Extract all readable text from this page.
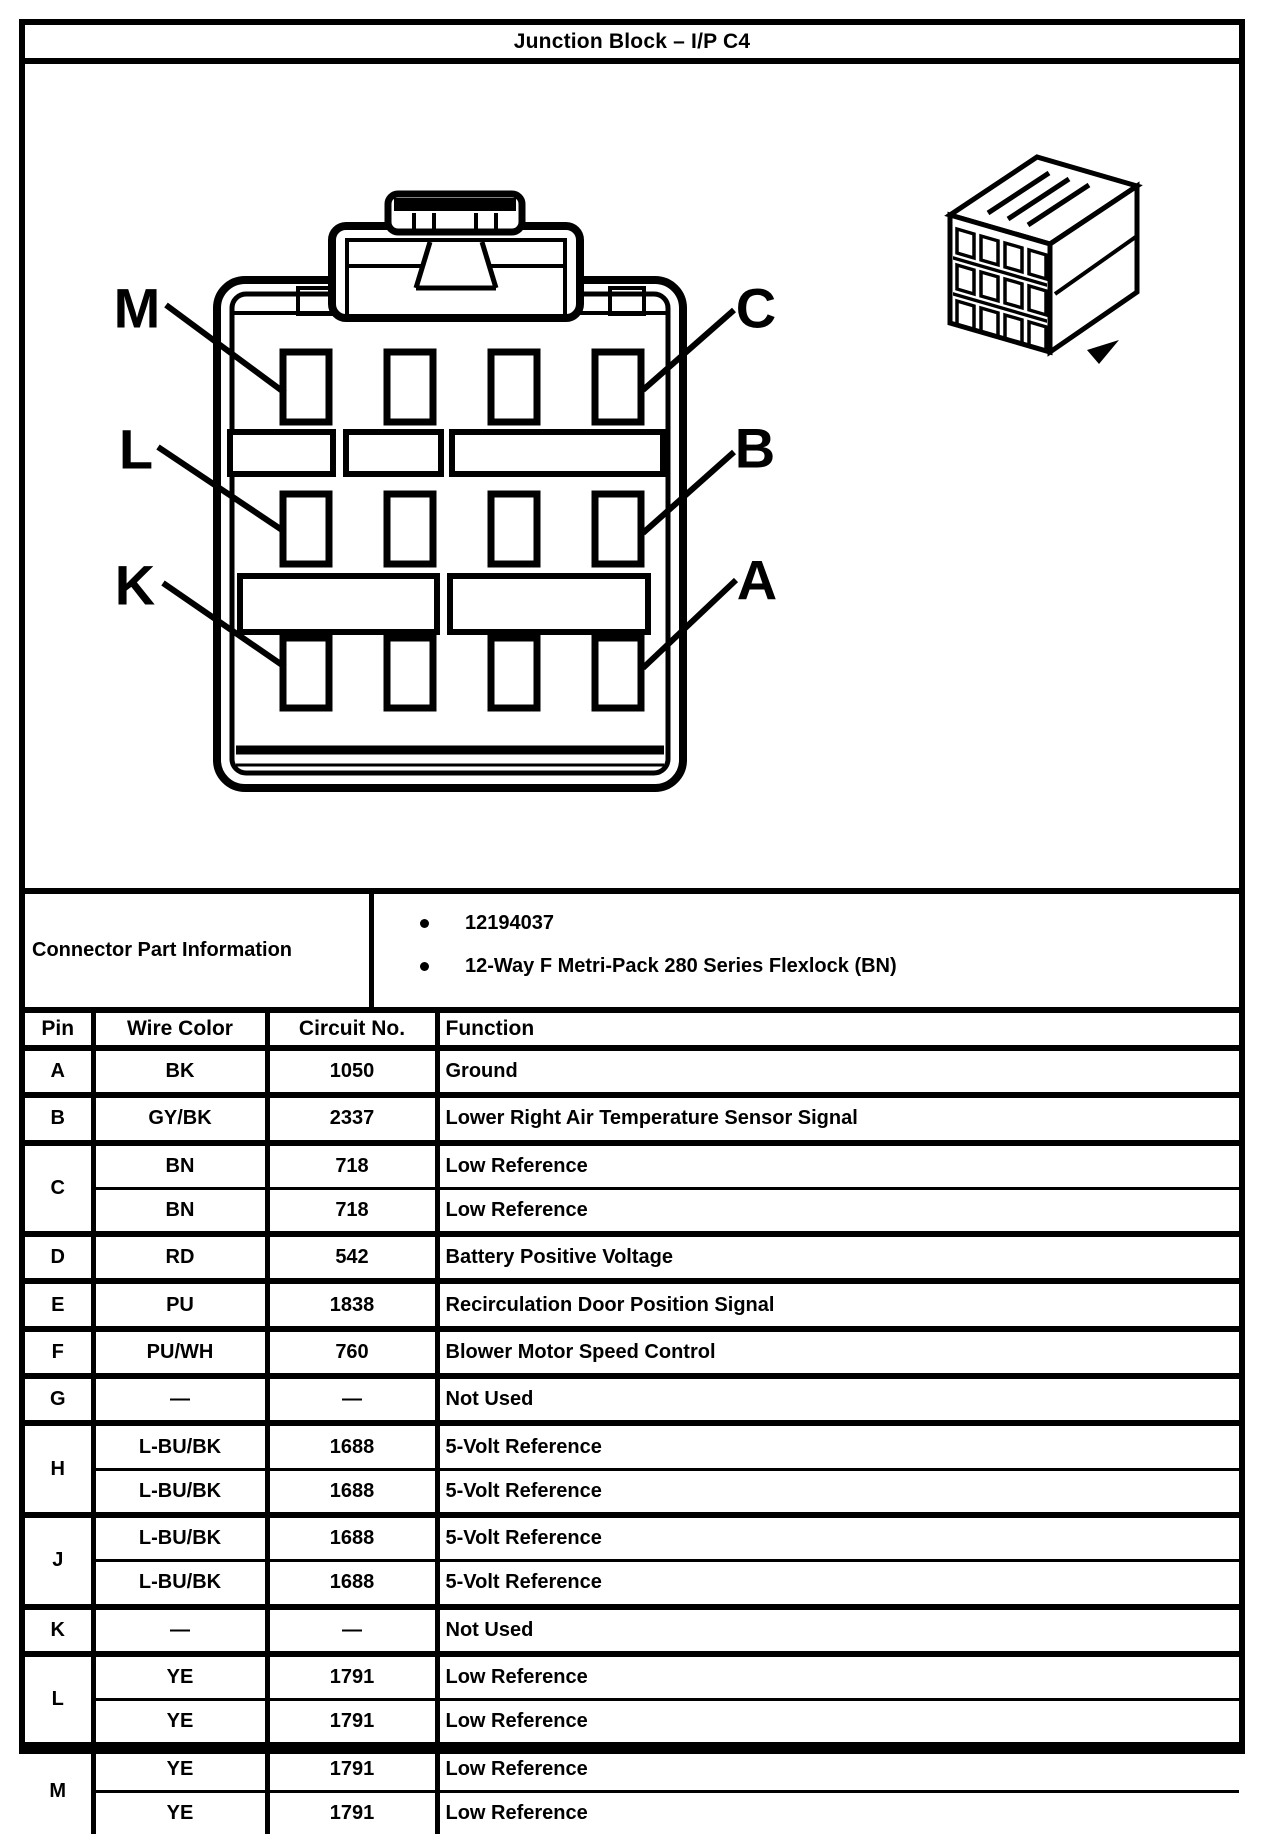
Junction Block – I/P C4
M
L
K
C
B
A
Connector Part Information
12194037
12-Way F Metri-Pack 280 Series Flexlock (BN)
Pin	Wire Color	Circuit No.	Function
A	BK	1050	Ground
B	GY/BK	2337	Lower Right Air Temperature Sensor Signal
C	BN	718	Low Reference
	BN	718	Low Reference
D	RD	542	Battery Positive Voltage
E	PU	1838	Recirculation Door Position Signal
F	PU/WH	760	Blower Motor Speed Control
G	—	—	Not Used
H	L-BU/BK	1688	5-Volt Reference
	L-BU/BK	1688	5-Volt Reference
J	L-BU/BK	1688	5-Volt Reference
	L-BU/BK	1688	5-Volt Reference
K	—	—	Not Used
L	YE	1791	Low Reference
	YE	1791	Low Reference
M	YE	1791	Low Reference
	YE	1791	Low Reference
